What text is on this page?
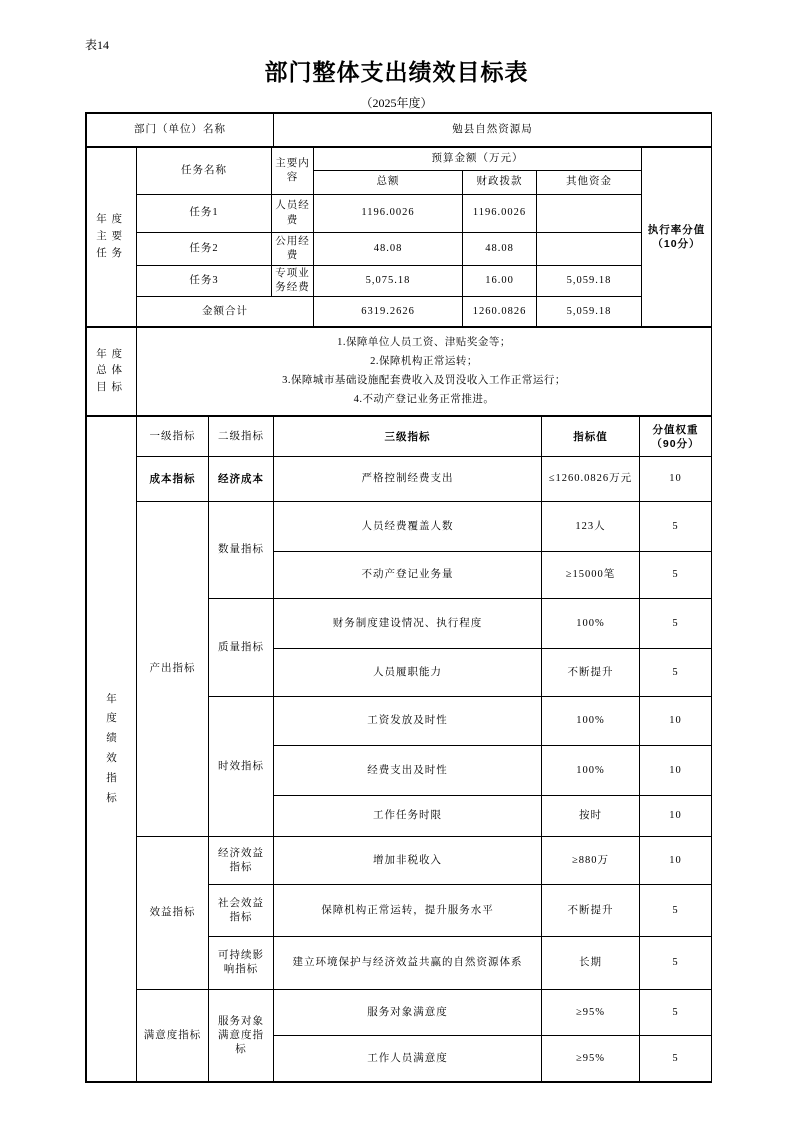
表14
部门整体支出绩效目标表
（2025年度）
部门（单位）名称	勉县自然资源局
年度主要任务	任务名称	主要内容	预算金额（万元）			执行率分值（10分）
			总额	财政拨款	其他资金	
	任务1	人员经费	1196.0026	1196.0026		
	任务2	公用经费	48.08	48.08		
	任务3	专项业务经费	5,075.18	16.00	5,059.18	
	金额合计		6319.2626	1260.0826	5,059.18	
年度总体目标

1.保障单位人员工资、津贴奖金等；
2.保障机构正常运转；
3.保障城市基础设施配套费收入及罚没收入工作正常运行；
4.不动产登记业务正常推进。
年度绩效指标	一级指标	二级指标	三级指标	指标值	分值权重（90分）
	成本指标	经济成本	严格控制经费支出	≤1260.0826万元	10
	产出指标	数量指标	人员经费覆盖人数	123人	5
			不动产登记业务量	≥15000笔	5
		质量指标	财务制度建设情况、执行程度	100%	5
			人员履职能力	不断提升	5
		时效指标	工资发放及时性	100%	10
			经费支出及时性	100%	10
			工作任务时限	按时	10
	效益指标	经济效益指标	增加非税收入	≥880万	10

		社会效益指标	保障机构正常运转，提升服务水平	不断提升	5

		可持续影响指标	建立环境保护与经济效益共赢的自然资源体系	长期	5
	满意度指标	服务对象满意度指标	服务对象满意度	≥95%	5
			工作人员满意度	≥95%	5
